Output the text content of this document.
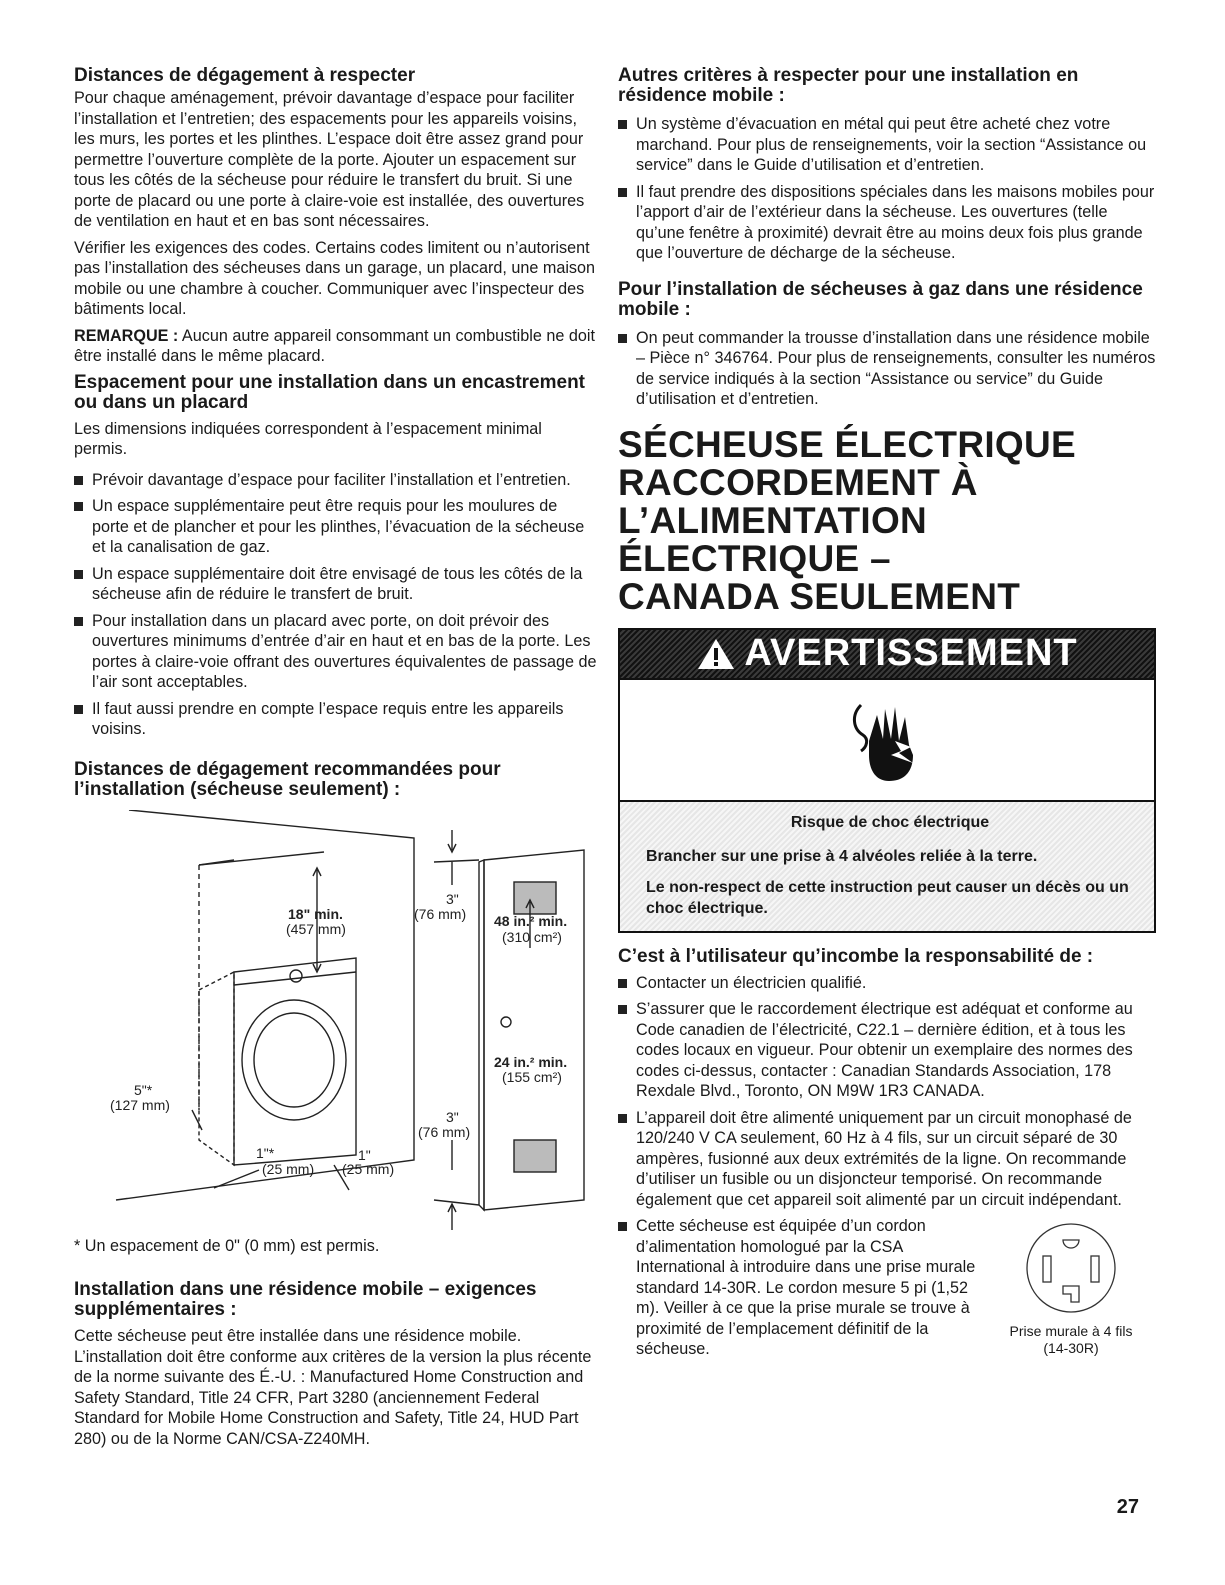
Distances de dégagement à respecter

Pour chaque aménagement, prévoir davantage d’espace pour faciliter l’installation et l’entretien; des espacements pour les appareils voisins, les murs, les portes et les plinthes. L’espace doit être assez grand pour permettre l’ouverture complète de la porte. Ajouter un espacement sur tous les côtés de la sécheuse pour réduire le transfert du bruit. Si une porte de placard ou une porte à claire-voie est installée, des ouvertures de ventilation en haut et en bas sont nécessaires.

Vérifier les exigences des codes. Certains codes limitent ou n’autorisent pas l’installation des sécheuses dans un garage, un placard, une maison mobile ou une chambre à coucher. Communiquer avec l’inspecteur des bâtiments local.

REMARQUE : Aucun autre appareil consommant un combustible ne doit être installé dans le même placard.

Espacement pour une installation dans un encastrement ou dans un placard

Les dimensions indiquées correspondent à l’espacement minimal permis.

Prévoir davantage d’espace pour faciliter l’installation et l’entretien.
Un espace supplémentaire peut être requis pour les moulures de porte et de plancher et pour les plinthes, l’évacuation de la sécheuse et la canalisation de gaz.
Un espace supplémentaire doit être envisagé de tous les côtés de la sécheuse afin de réduire le transfert de bruit.
Pour installation dans un placard avec porte, on doit prévoir des ouvertures minimums d’entrée d’air en haut et en bas de la porte. Les portes à claire-voie offrant des ouvertures équivalentes de passage de l’air sont acceptables.
Il faut aussi prendre en compte l’espace requis entre les appareils voisins.
Distances de dégagement recommandées pour l’installation (sécheuse seulement) :
18" min.
(457 mm)
5"*
(127 mm)
1"*
(25 mm)
1"
(25 mm)
3"
(76 mm)
3"
(76 mm)
48 in.² min.
(310 cm²)
24 in.² min.
(155 cm²)

* Un espacement de 0" (0 mm) est permis.

Installation dans une résidence mobile – exigences supplémentaires :

Cette sécheuse peut être installée dans une résidence mobile. L’installation doit être conforme aux critères de la version la plus récente de la norme suivante des É.-U. : Manufactured Home Construction and Safety Standard, Title 24 CFR, Part 3280 (anciennement Federal Standard for Mobile Home Construction and Safety, Title 24, HUD Part 280) ou de la Norme CAN/CSA-Z240MH.

Autres critères à respecter pour une installation en résidence mobile :
Un système d’évacuation en métal qui peut être acheté chez votre marchand. Pour plus de renseignements, voir la section “Assistance ou service” dans le Guide d’utilisation et d’entretien.
Il faut prendre des dispositions spéciales dans les maisons mobiles pour l’apport d’air de l’extérieur dans la sécheuse. Les ouvertures (telle qu’une fenêtre à proximité) devrait être au moins deux fois plus grande que l’ouverture de décharge de la sécheuse.
Pour l’installation de sécheuses à gaz dans une résidence mobile :
On peut commander la trousse d’installation dans une résidence mobile – Pièce n° 346764. Pour plus de renseignements, consulter les numéros de service indiqués à la section “Assistance ou service” du Guide d’utilisation et d’entretien.
SÉCHEUSE ÉLECTRIQUE
RACCORDEMENT À
L’ALIMENTATION ÉLECTRIQUE –
CANADA SEULEMENT
AVERTISSEMENT
Risque de choc électrique
Brancher sur une prise à 4 alvéoles reliée à la terre.
Le non-respect de cette instruction peut causer un décès ou un choc électrique.
C’est à l’utilisateur qu’incombe la responsabilité de :
Contacter un électricien qualifié.
S’assurer que le raccordement électrique est adéquat et conforme au Code canadien de l’électricité, C22.1 – dernière édition, et à tous les codes locaux en vigueur. Pour obtenir un exemplaire des normes des codes ci-dessus, contacter : Canadian Standards Association, 178 Rexdale Blvd., Toronto, ON M9W 1R3 CANADA.
L’appareil doit être alimenté uniquement par un circuit monophasé de 120/240 V CA seulement, 60 Hz à 4 fils, sur un circuit séparé de 30 ampères, fusionné aux deux extrémités de la ligne. On recommande d’utiliser un fusible ou un disjoncteur temporisé. On recommande également que cet appareil soit alimenté par un circuit indépendant.
Cette sécheuse est équipée d’un cordon d’alimentation homologué par la CSA International à introduire dans une prise murale standard 14-30R. Le cordon mesure 5 pi (1,52 m). Veiller à ce que la prise murale se trouve à proximité de l’emplacement définitif de la sécheuse.
Prise murale à 4 fils
(14-30R)
27
